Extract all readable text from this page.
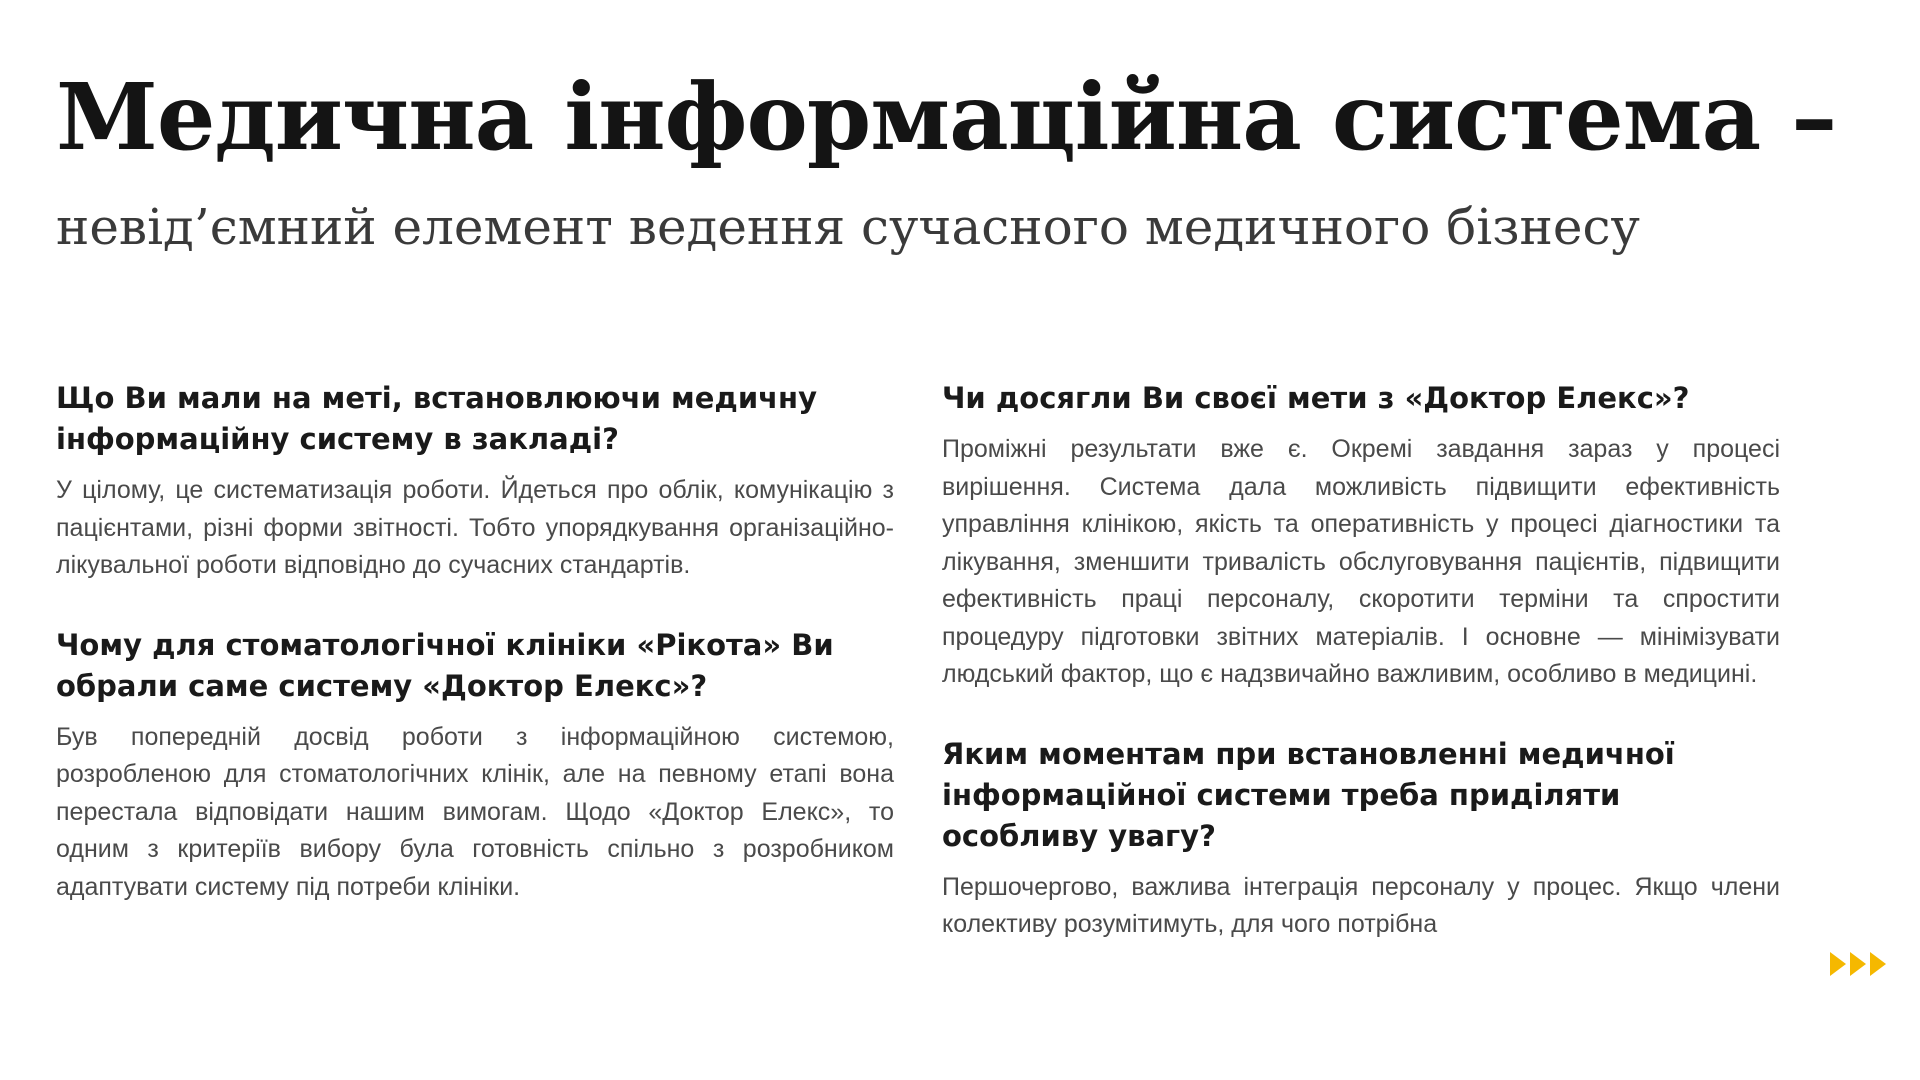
Медична інформаційна система –
невід’ємний елемент ведення сучасного медичного бізнесу

Що Ви мали на меті, встановлюючи медичну інформаційну систему в закладі?

У цілому, це систематизація роботи. Йдеться про облік, комунікацію з пацієнтами, різні форми звітності. Тобто упорядкування організаційно-лікувальної роботи відповідно до сучасних стандартів.

Чому для стоматологічної клініки «Рікота» Ви обрали саме систему «Доктор Елекс»?

Був попередній досвід роботи з інформаційною системою, розробленою для стоматологічних клінік, але на певному етапі вона перестала відповідати нашим вимогам. Щодо «Доктор Елекс», то одним з критеріїв вибору була готовність спільно з розробником адаптувати систему під потреби клініки.

Чи досягли Ви своєї мети з «Доктор Елекс»?

Проміжні результати вже є. Окремі завдання зараз у процесі вирішення. Система дала можливість підвищити ефективність управління клінікою, якість та оперативність у процесі діагностики та лікування, зменшити тривалість обслуговування пацієнтів, підвищити ефективність праці персоналу, скоротити терміни та спростити процедуру підготовки звітних матеріалів. І основне — мінімізувати людський фактор, що є надзвичайно важливим, особливо в медицині.

Яким моментам при встановленні медичної інформаційної системи треба приділяти особливу увагу?

Першочергово, важлива інтеграція персоналу у процес. Якщо члени колективу розумітимуть, для чого потрібна
